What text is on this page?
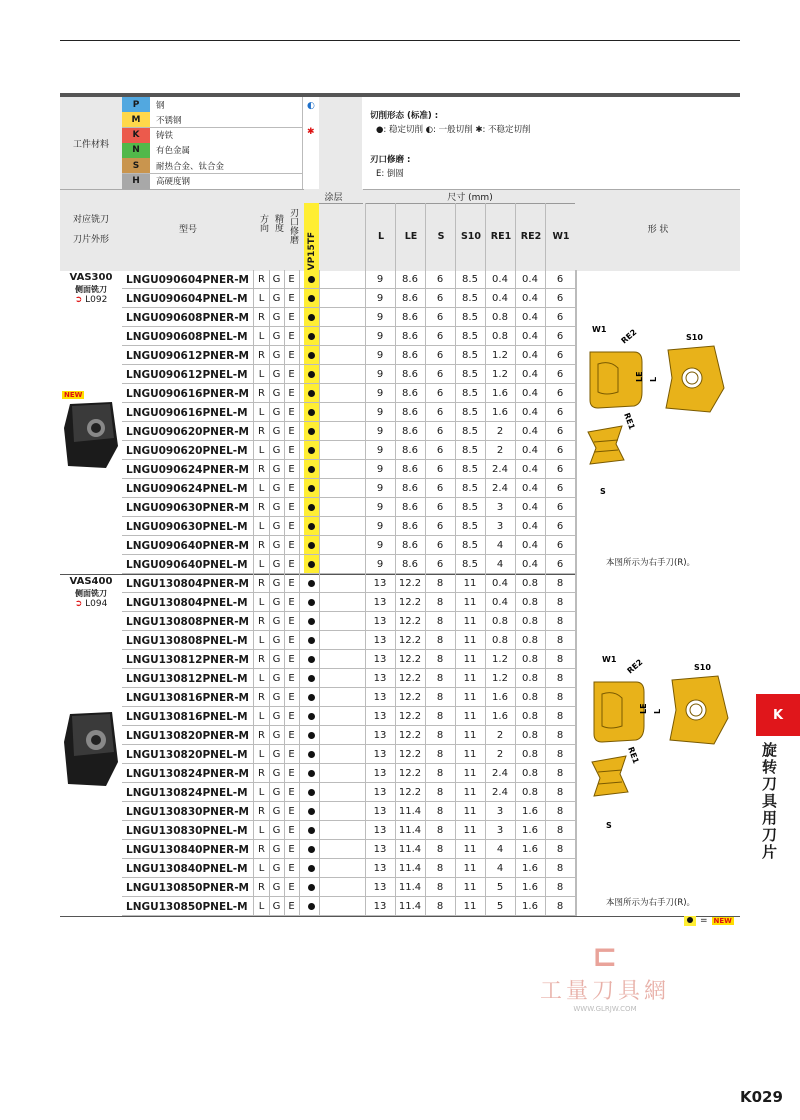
工件材料
P	钢
M	不锈钢
K	铸铁
N	有色金属
S	耐热合金、钛合金
H	高硬度钢
◐
✱
切削形态 (标准) :
●: 稳定切削 ◐: 一般切削 ✱: 不稳定切削
刃口修磨 :
E: 倒圆
对应铣刀
刀片外形
型号	方向 精度 刃口修磨
涂层
VP15TF
尺寸 (mm)
L	LE	S	S10	RE1	RE2	W1
形 状
LNGU090604PNER-M R G E	9	8.6	6	8.5	0.4	0.4	6
LNGU090604PNEL-M	L G E	9	8.6	6	8.5	0.4	0.4	6
LNGU090608PNER-M R G E	9	8.6	6	8.5	0.8	0.4	6
LNGU090608PNEL-M	L G E	9	8.6	6	8.5	0.8	0.4	6
LNGU090612PNER-M R G E	9	8.6	6	8.5	1.2	0.4	6
LNGU090612PNEL-M	L G E	9	8.6	6	8.5	1.2	0.4	6
LNGU090616PNER-M R G E	9	8.6	6	8.5	1.6	0.4	6
LNGU090616PNEL-M	L G E	9	8.6	6	8.5	1.6	0.4	6
LNGU090620PNER-M R G E	9	8.6	6	8.5	2	0.4	6
LNGU090620PNEL-M	L G E	9	8.6	6	8.5	2	0.4	6
LNGU090624PNER-M R G E	9	8.6	6	8.5	2.4	0.4	6
LNGU090624PNEL-M	L G E	9	8.6	6	8.5	2.4	0.4	6
LNGU090630PNER-M R G E	9	8.6	6	8.5	3	0.4	6
LNGU090630PNEL-M	L G E	9	8.6	6	8.5	3	0.4	6
LNGU090640PNER-M R G E	9	8.6	6	8.5	4	0.4	6
LNGU090640PNEL-M	L G E	9	8.6	6	8.5	4	0.4	6
LNGU130804PNER-M R G E	13	12.2	8	11	0.4	0.8	8
LNGU130804PNEL-M	L G E	13	12.2	8	11	0.4	0.8	8
LNGU130808PNER-M R G E	13	12.2	8	11	0.8	0.8	8
LNGU130808PNEL-M	L G E	13	12.2	8	11	0.8	0.8	8
LNGU130812PNER-M R G E	13	12.2	8	11	1.2	0.8	8
LNGU130812PNEL-M	L G E	13	12.2	8	11	1.2	0.8	8
LNGU130816PNER-M R G E	13	12.2	8	11	1.6	0.8	8
LNGU130816PNEL-M	L G E	13	12.2	8	11	1.6	0.8	8
LNGU130820PNER-M R G E	13	12.2	8	11	2	0.8	8
LNGU130820PNEL-M	L G E	13	12.2	8	11	2	0.8	8
LNGU130824PNER-M R G E	13	12.2	8	11	2.4	0.8	8
LNGU130824PNEL-M	L G E	13	12.2	8	11	2.4	0.8	8
LNGU130830PNER-M R G E	13	11.4	8	11	3	1.6	8
LNGU130830PNEL-M	L G E	13	11.4	8	11	3	1.6	8
LNGU130840PNER-M R G E	13	11.4	8	11	4	1.6	8
LNGU130840PNEL-M	L G E	13	11.4	8	11	4	1.6	8
LNGU130850PNER-M R G E	13	11.4	8	11	5	1.6	8
LNGU130850PNEL-M	L G E	13	11.4	8	11	5	1.6	8
VAS300
侧面铣刀
➲ L092
NEW
VAS400
侧面铣刀
➲ L094
W1 RE2	S10
LE L
RE1
S
本图所示为右手刀(R)。
W1 RE2	S10
LE L
RE1
S
本图所示为右手刀(R)。
= NEW
⊏
工量刀具網
WWW.GLRJW.COM
K
旋转刀具用刀片
K029
